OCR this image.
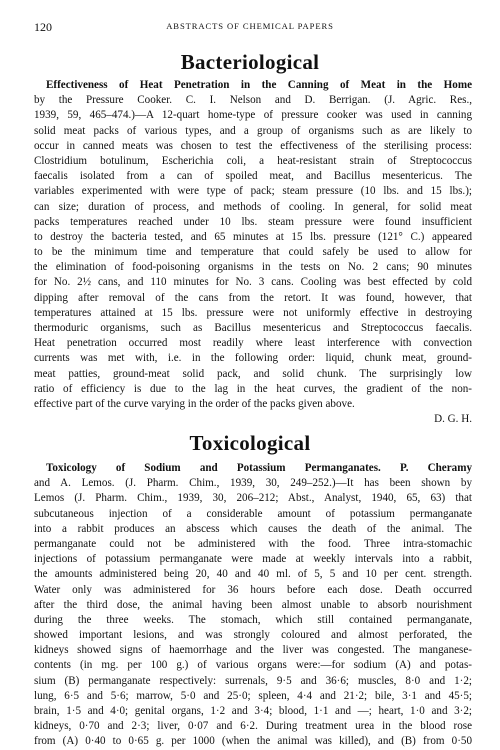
120	ABSTRACTS OF CHEMICAL PAPERS
Bacteriological
Effectiveness of Heat Penetration in the Canning of Meat in the Home
by the Pressure Cooker. C. I. Nelson and D. Berrigan. (J. Agric. Res.,
1939, 59, 465–474.)—A 12-quart home-type of pressure cooker was used in canning
solid meat packs of various types, and a group of organisms such as are likely to
occur in canned meats was chosen to test the effectiveness of the sterilising process:
Clostridium botulinum, Escherichia coli, a heat-resistant strain of Streptococcus
faecalis isolated from a can of spoiled meat, and Bacillus mesentericus. The
variables experimented with were type of pack; steam pressure (10 lbs. and 15 lbs.);
can size; duration of process, and methods of cooling. In general, for solid meat
packs temperatures reached under 10 lbs. steam pressure were found insufficient
to destroy the bacteria tested, and 65 minutes at 15 lbs. pressure (121° C.) appeared
to be the minimum time and temperature that could safely be used to allow for
the elimination of food-poisoning organisms in the tests on No. 2 cans; 90 minutes
for No. 2½ cans, and 110 minutes for No. 3 cans. Cooling was best effected by cold
dipping after removal of the cans from the retort. It was found, however, that
temperatures attained at 15 lbs. pressure were not uniformly effective in destroying
thermoduric organisms, such as Bacillus mesentericus and Streptococcus faecalis.
Heat penetration occurred most readily where least interference with convection
currents was met with, i.e. in the following order: liquid, chunk meat, ground-
meat patties, ground-meat solid pack, and solid chunk. The surprisingly low
ratio of efficiency is due to the lag in the heat curves, the gradient of the non-
effective part of the curve varying in the order of the packs given above.
D. G. H.
Toxicological
Toxicology of Sodium and Potassium Permanganates. P. Cheramy
and A. Lemos. (J. Pharm. Chim., 1939, 30, 249–252.)—It has been shown by
Lemos (J. Pharm. Chim., 1939, 30, 206–212; Abst., Analyst, 1940, 65, 63) that
subcutaneous injection of a considerable amount of potassium permanganate
into a rabbit produces an abscess which causes the death of the animal. The
permanganate could not be administered with the food. Three intra-stomachic
injections of potassium permanganate were made at weekly intervals into a rabbit,
the amounts administered being 20, 40 and 40 ml. of 5, 5 and 10 per cent. strength.
Water only was administered for 36 hours before each dose. Death occurred
after the third dose, the animal having been almost unable to absorb nourishment
during the three weeks. The stomach, which still contained permanganate,
showed important lesions, and was strongly coloured and almost perforated, the
kidneys showed signs of haemorrhage and the liver was congested. The manganese-
contents (in mg. per 100 g.) of various organs were:—for sodium (A) and potas-
sium (B) permanganate respectively: surrenals, 9·5 and 36·6; muscles, 8·0 and 1·2;
lung, 6·5 and 5·6; marrow, 5·0 and 25·0; spleen, 4·4 and 21·2; bile, 3·1 and 45·5;
brain, 1·5 and 4·0; genital organs, 1·2 and 3·4; blood, 1·1 and —; heart, 1·0 and 3·2;
kidneys, 0·70 and 2·3; liver, 0·07 and 6·2. During treatment urea in the blood rose
from (A) 0·40 to 0·65 g. per 1000 (when the animal was killed), and (B) from 0·50
